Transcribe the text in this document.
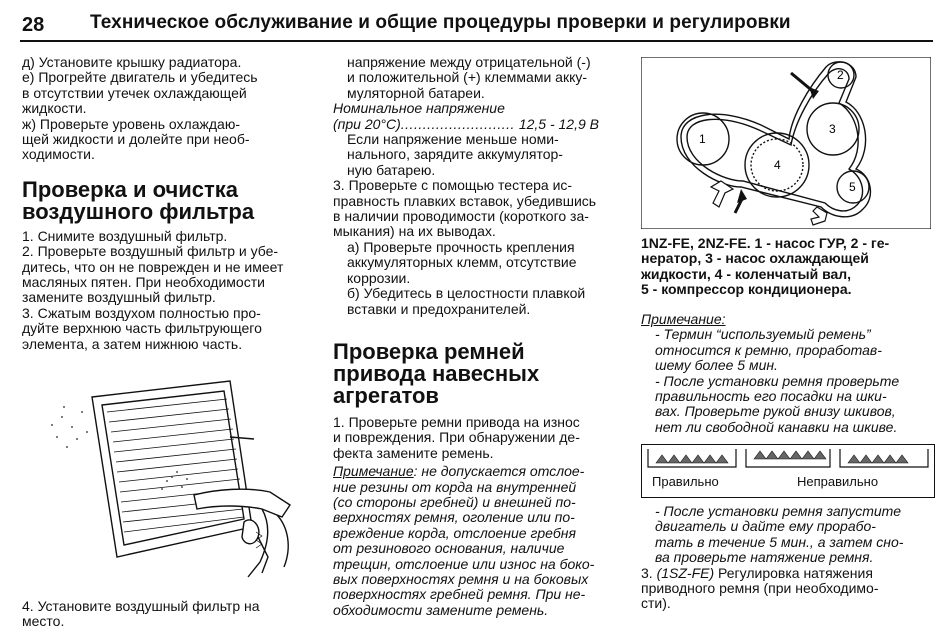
28 Техническое обслуживание и общие процедуры проверки и регулировки

д) Установите крышку радиатора.

е) Прогрейте двигатель и убедитесь

в отсутствии утечек охлаждающей

жидкости.

ж) Проверьте уровень охлаждаю-

щей жидкости и долейте при необ-

ходимости.

Проверка и очистка
воздушного фильтра

1. Снимите воздушный фильтр.

2. Проверьте воздушный фильтр и убе-

дитесь, что он не поврежден и не имеет

масляных пятен. При необходимости

замените воздушный фильтр.

3. Сжатым воздухом полностью про-

дуйте верхнюю часть фильтрующего

элемента, а затем нижнюю часть.

4. Установите воздушный фильтр на

место.

напряжение между отрицательной (-)

и положительной (+) клеммами акку-

муляторной батареи.

Номинальное напряжение

(при 20°С).......................... 12,5 - 12,9 В

Если напряжение меньше номи-

нального, зарядите аккумулятор-

ную батарею.

3. Проверьте с помощью тестера ис-

правность плавких вставок, убедившись

в наличии проводимости (короткого за-

мыкания) на их выводах.

а) Проверьте прочность крепления

аккумуляторных клемм, отсутствие

коррозии.

б) Убедитесь в целостности плавкой

вставки и предохранителей.

Проверка ремней
привода навесных
агрегатов

1. Проверьте ремни привода на износ

и повреждения. При обнаружении де-

фекта замените ремень.

Примечание: не допускается отслое-

ние резины от корда на внутренней

(со стороны гребней) и внешней по-

верхностях ремня, оголение или по-

вреждение корда, отслоение гребня

от резинового основания, наличие

трещин, отслоение или износ на боко-

вых поверхностях ремня и на боковых

поверхностях гребней ремня. При не-

обходимости замените ремень.

1
2
3
4
5

1NZ-FE, 2NZ-FE. 1 - насос ГУР, 2 - ге-

нератор, 3 - насос охлаждающей

жидкости, 4 - коленчатый вал,

5 - компрессор кондиционера.

Примечание:

- Термин “используемый ремень”

относится к ремню, проработав-

шему более 5 мин.

- После установки ремня проверьте

правильность его посадки на шки-

вах. Проверьте рукой внизу шкивов,

нет ли свободной канавки на шкиве.

Правильно	Неправильно

- После установки ремня запустите

двигатель и дайте ему прорабо-

тать в течение 5 мин., а затем сно-

ва проверьте натяжение ремня.

3. (1SZ-FE) Регулировка натяжения

приводного ремня (при необходимо-

сти).
